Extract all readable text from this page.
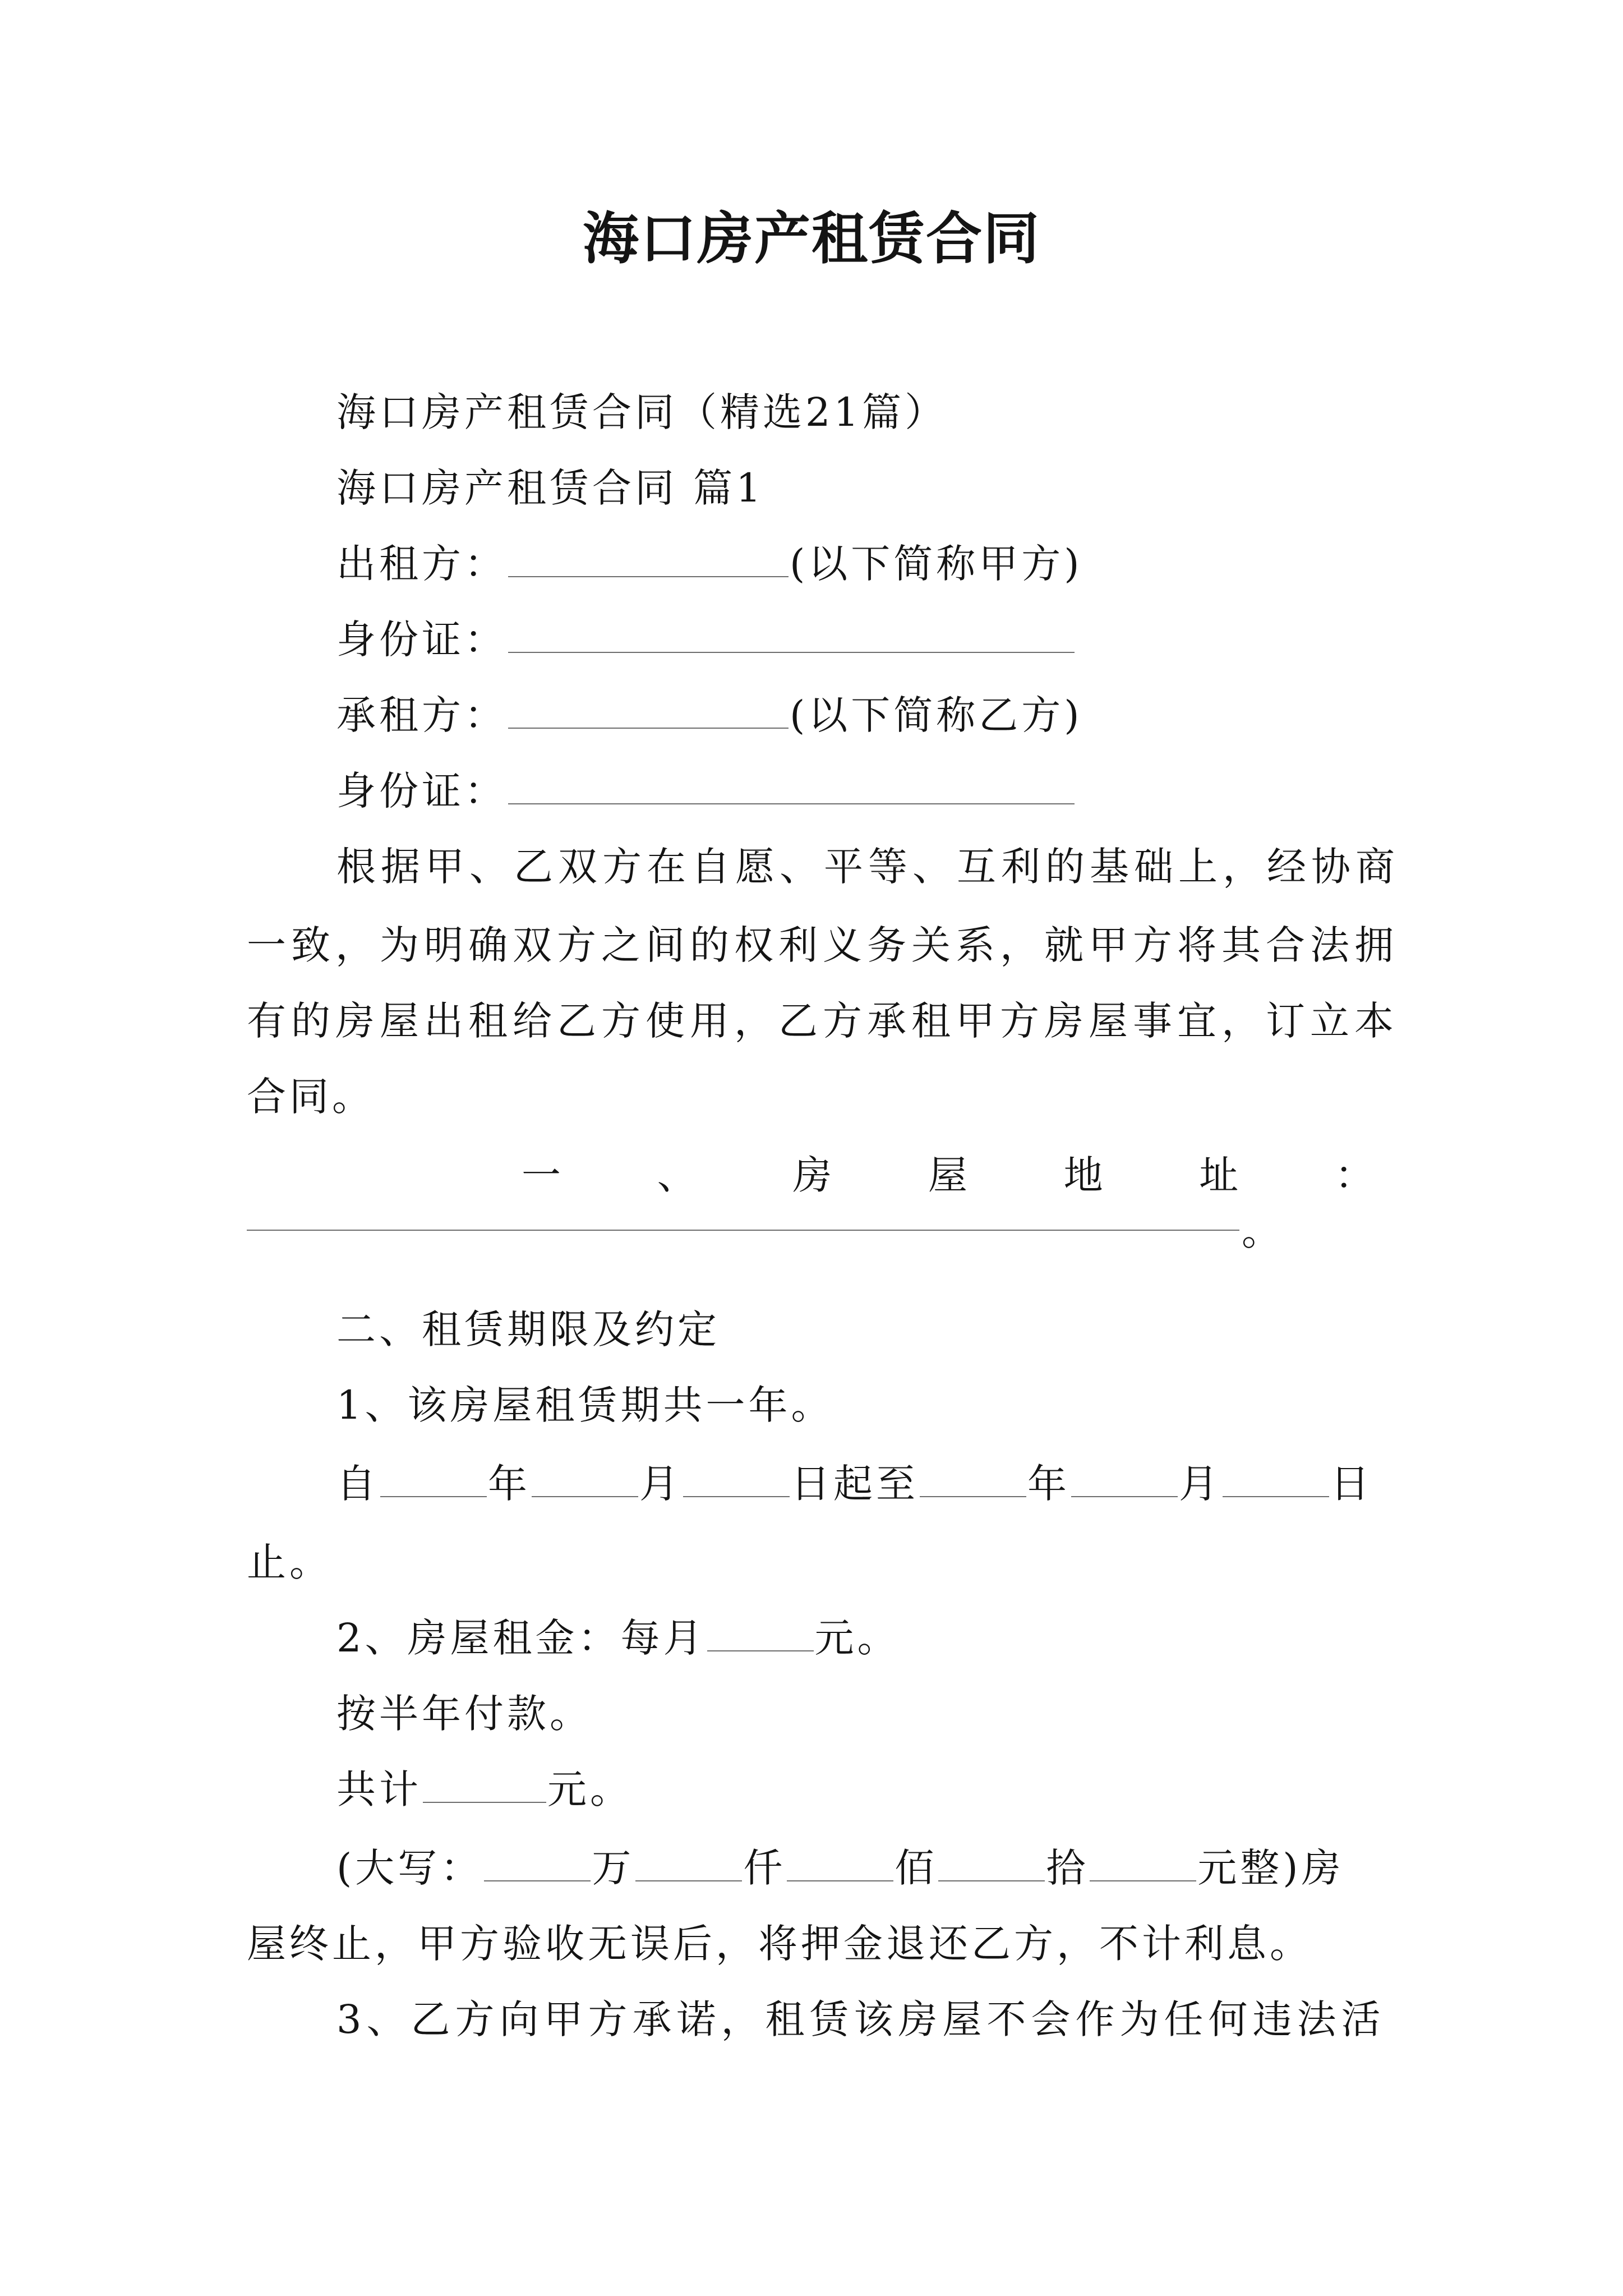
海口房产租赁合同
海口房产租赁合同（精选21篇）
海口房产租赁合同 篇1
出租方：	(以下简称甲方)
身份证：
承租方：	(以下简称乙方)
身份证：
根据甲、乙双方在自愿、平等、互利的基础上，经协商
一致，为明确双方之间的权利义务关系，就甲方将其合法拥
有的房屋出租给乙方使用，乙方承租甲方房屋事宜，订立本
合同。
一	、	房	屋	地	址	：
。
二、租赁期限及约定
1、该房屋租赁期共一年。
自	年	月	日起至	年	月	日
止。
2、房屋租金：每月	元。
按半年付款。
共计	元。
(大写：	万	仟	佰	拾	元整)房
屋终止，甲方验收无误后，将押金退还乙方，不计利息。
3、乙方向甲方承诺，租赁该房屋不会作为任何违法活
